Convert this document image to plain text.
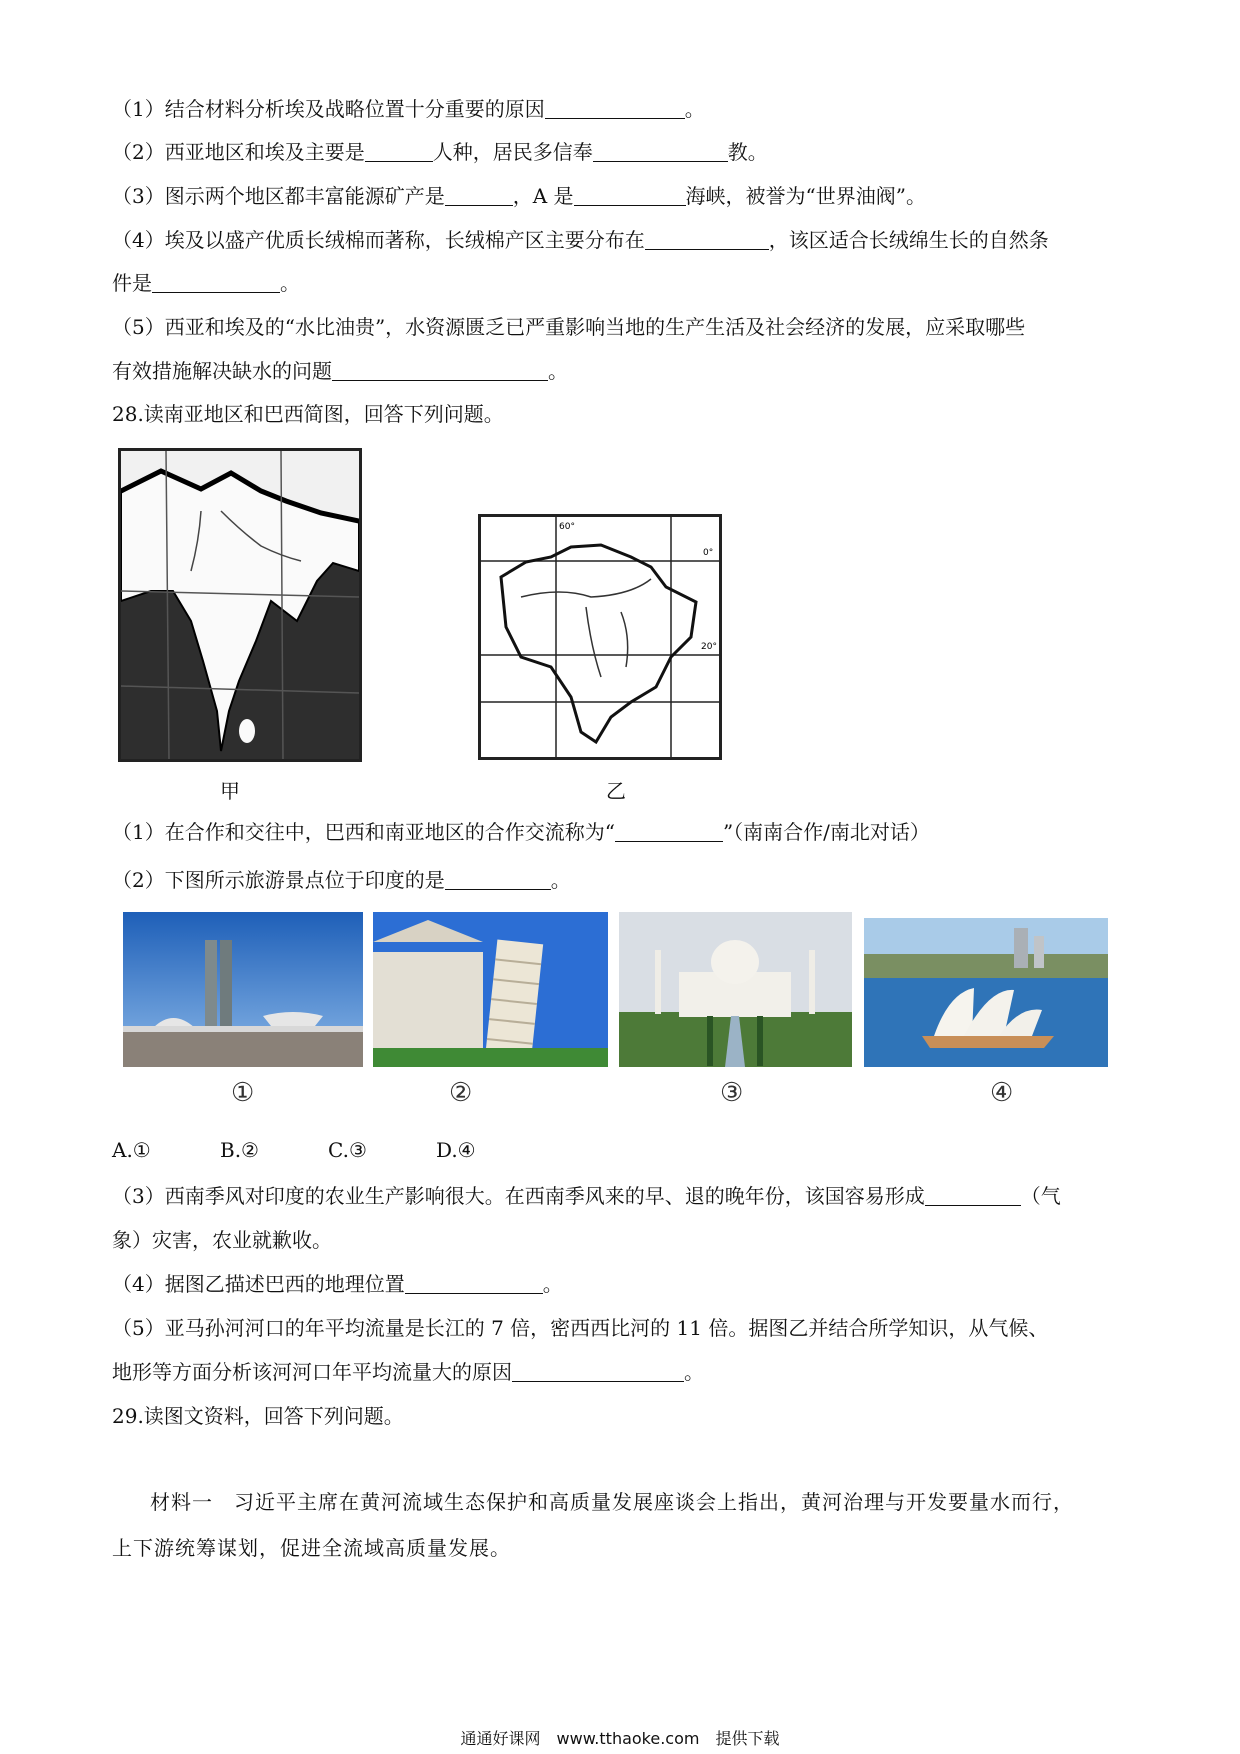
（1）结合材料分析埃及战略位置十分重要的原因	。
（2）西亚地区和埃及主要是	人种，居民多信奉	教。
（3）图示两个地区都丰富能源矿产是	，A 是	海峡，被誉为“世界油阀”。
（4）埃及以盛产优质长绒棉而著称，长绒棉产区主要分布在	，该区适合长绒绵生长的自然条
件是	。
（5）西亚和埃及的“水比油贵”，水资源匮乏已严重影响当地的生产生活及社会经济的发展，应采取哪些
有效措施解决缺水的问题	。
28.读南亚地区和巴西简图，回答下列问题。
甲
60°
0°
20°
乙
（1）在合作和交往中，巴西和南亚地区的合作交流称为“	”（南南合作/南北对话）
（2）下图所示旅游景点位于印度的是	。
①	②	③	④
A.①	B.②	C.③	D.④
（3）西南季风对印度的农业生产影响很大。在西南季风来的早、退的晚年份，该国容易形成	（气
象）灾害，农业就歉收。
（4）据图乙描述巴西的地理位置	。
（5）亚马孙河河口的年平均流量是长江的 7 倍，密西西比河的 11 倍。据图乙并结合所学知识，从气候、
地形等方面分析该河河口年平均流量大的原因	。
29.读图文资料，回答下列问题。
材料一　习近平主席在黄河流域生态保护和高质量发展座谈会上指出，黄河治理与开发要量水而行，
上下游统筹谋划，促进全流域高质量发展。
通通好课网　www.tthaoke.com　提供下载
